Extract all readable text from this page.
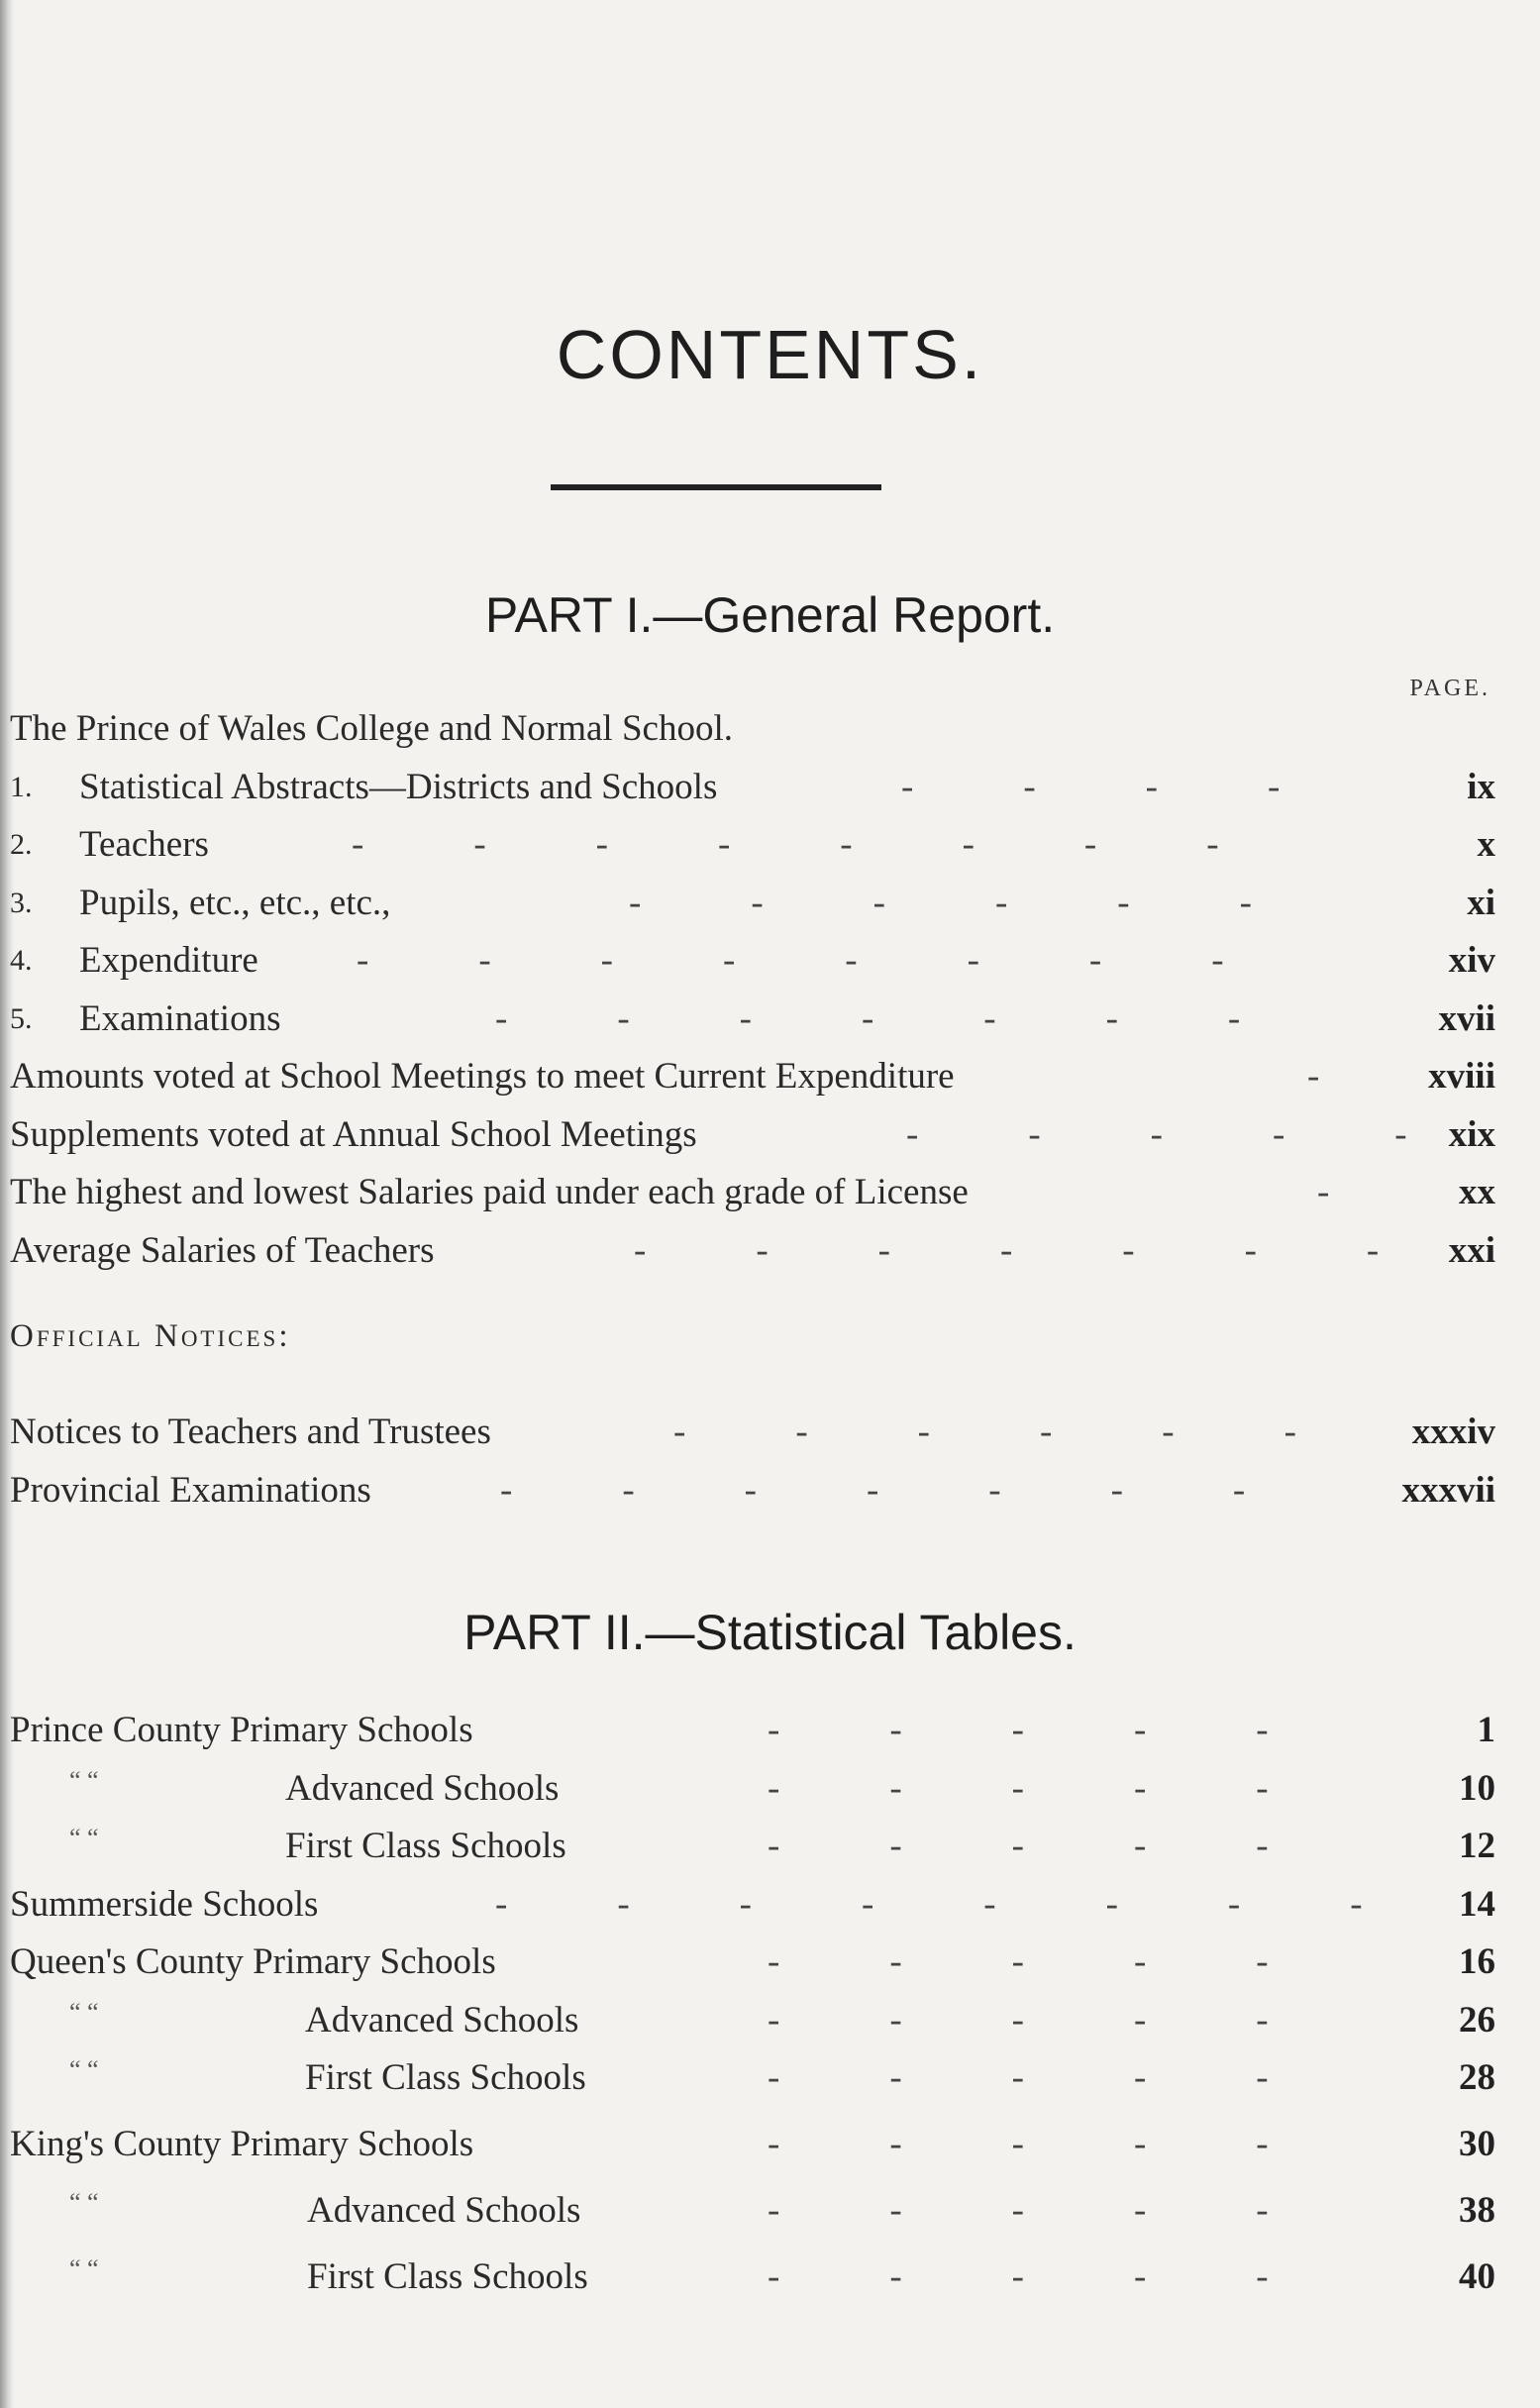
CONTENTS.
PART I.—General Report.
PAGE.
The Prince of Wales College and Normal School.
1. Statistical Abstracts—Districts and Schools	-            -            -            -	ix
2. Teachers	-            -            -            -            -            -            -            -	x
3. Pupils, etc., etc., etc.,	-            -            -            -            -            -	xi
4. Expenditure	-            -            -            -            -            -            -            -	xiv
5. Examinations	-            -            -            -            -            -            -	xvii
Amounts voted at School Meetings to meet Current Expenditure	-	xviii
Supplements voted at Annual School Meetings	-            -            -            -            - xix
The highest and lowest Salaries paid under each grade of License	-	xx
Average Salaries of Teachers	-            -            -            -            -            -            - xxi
Official Notices:
Notices to Teachers and Trustees	-            -            -            -            -            -	xxxiv
Provincial Examinations	-            -            -            -            -            -            -	xxxvii
PART II.—Statistical Tables.
Prince County Primary Schools	-            -            -            -            -	1
“ “	Advanced Schools	-            -            -            -            -	10
“ “	First Class Schools	-            -            -            -            -	12
Summerside Schools	-            -            -            -            -            -            -            -	14
Queen's County Primary Schools	-            -            -            -            -	16
“ “	Advanced Schools	-            -            -            -            -	26
“ “	First Class Schools	-            -            -            -            -	28
King's County Primary Schools	-            -            -            -            -	30
“ “	Advanced Schools	-            -            -            -            -	38
“ “	First Class Schools	-            -            -            -            -	40
